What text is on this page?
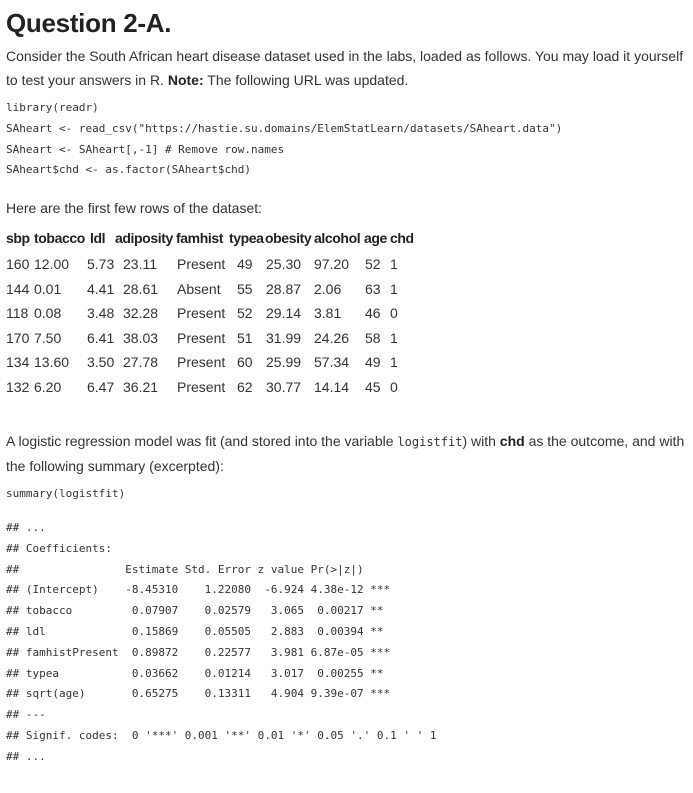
Question 2-A.

Consider the South African heart disease dataset used in the labs, loaded as follows. You may load it yourself to test your answers in R. Note: The following URL was updated.

library(readr)
SAheart <- read_csv("https://hastie.su.domains/ElemStatLearn/datasets/SAheart.data")
SAheart <- SAheart[,-1] # Remove row.names
SAheart$chd <- as.factor(SAheart$chd)

Here are the first few rows of the dataset:

sbp tobacco ldl adiposity famhist typea obesity alcohol age chd
160 12.00 5.73 23.11 Present 49 25.30 97.20 52 1
144 0.01 4.41 28.61 Absent 55 28.87 2.06 63 1
118 0.08 3.48 32.28 Present 52 29.14 3.81 46 0
170 7.50 6.41 38.03 Present 51 31.99 24.26 58 1
134 13.60 3.50 27.78 Present 60 25.99 57.34 49 1
132 6.20 6.47 36.21 Present 62 30.77 14.14 45 0

A logistic regression model was fit (and stored into the variable logistfit) with chd as the outcome, and with the following summary (excerpted):

summary(logistfit)
## ...
## Coefficients:
##                Estimate Std. Error z value Pr(>|z|)
## (Intercept)    -8.45310    1.22080  -6.924 4.38e-12 ***
## tobacco         0.07907    0.02579   3.065  0.00217 **
## ldl             0.15869    0.05505   2.883  0.00394 **
## famhistPresent  0.89872    0.22577   3.981 6.87e-05 ***
## typea           0.03662    0.01214   3.017  0.00255 **
## sqrt(age)       0.65275    0.13311   4.904 9.39e-07 ***
## ---
## Signif. codes:  0 '***' 0.001 '**' 0.01 '*' 0.05 '.' 0.1 ' ' 1
## ...
